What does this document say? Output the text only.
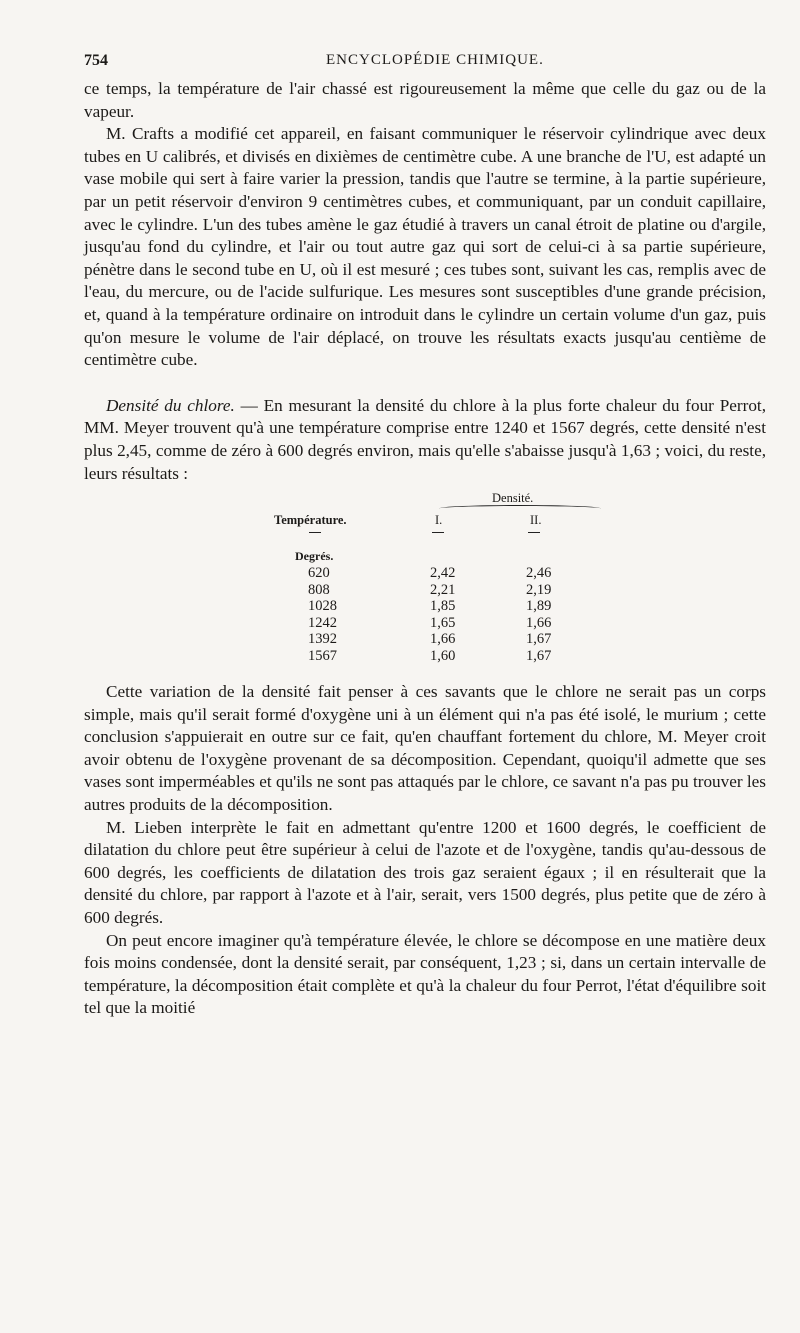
754	ENCYCLOPÉDIE CHIMIQUE.

ce temps, la température de l'air chassé est rigoureusement la même que celle du gaz ou de la vapeur.

M. Crafts a modifié cet appareil, en faisant communiquer le réservoir cylindrique avec deux tubes en U calibrés, et divisés en dixièmes de centimètre cube. A une branche de l'U, est adapté un vase mobile qui sert à faire varier la pression, tandis que l'autre se termine, à la partie supérieure, par un petit réservoir d'environ 9 centimètres cubes, et communiquant, par un conduit capillaire, avec le cylindre. L'un des tubes amène le gaz étudié à travers un canal étroit de platine ou d'argile, jusqu'au fond du cylindre, et l'air ou tout autre gaz qui sort de celui-ci à sa partie supérieure, pénètre dans le second tube en U, où il est mesuré ; ces tubes sont, suivant les cas, remplis avec de l'eau, du mercure, ou de l'acide sulfurique. Les mesures sont susceptibles d'une grande précision, et, quand à la température ordinaire on introduit dans le cylindre un certain volume d'un gaz, puis qu'on mesure le volume de l'air déplacé, on trouve les résultats exacts jusqu'au centième de centimètre cube.

Densité du chlore. — En mesurant la densité du chlore à la plus forte chaleur du four Perrot, MM. Meyer trouvent qu'à une température comprise entre 1240 et 1567 degrés, cette densité n'est plus 2,45, comme de zéro à 600 degrés environ, mais qu'elle s'abaisse jusqu'à 1,63 ; voici, du reste, leurs résultats :

Densité.
Température.	I.	II.
Degrés.
620	2,42	2,46
808	2,21	2,19
1028	1,85	1,89
1242	1,65	1,66
1392	1,66	1,67
1567	1,60	1,67

Cette variation de la densité fait penser à ces savants que le chlore ne serait pas un corps simple, mais qu'il serait formé d'oxygène uni à un élément qui n'a pas été isolé, le murium ; cette conclusion s'appuierait en outre sur ce fait, qu'en chauffant fortement du chlore, M. Meyer croit avoir obtenu de l'oxygène provenant de sa décomposition. Cependant, quoiqu'il admette que ses vases sont imperméables et qu'ils ne sont pas attaqués par le chlore, ce savant n'a pas pu trouver les autres produits de la décomposition.

M. Lieben interprète le fait en admettant qu'entre 1200 et 1600 degrés, le coefficient de dilatation du chlore peut être supérieur à celui de l'azote et de l'oxygène, tandis qu'au-dessous de 600 degrés, les coefficients de dilatation des trois gaz seraient égaux ; il en résulterait que la densité du chlore, par rapport à l'azote et à l'air, serait, vers 1500 degrés, plus petite que de zéro à 600 degrés.

On peut encore imaginer qu'à température élevée, le chlore se décompose en une matière deux fois moins condensée, dont la densité serait, par conséquent, 1,23 ; si, dans un certain intervalle de température, la décomposition était complète et qu'à la chaleur du four Perrot, l'état d'équilibre soit tel que la moitié
